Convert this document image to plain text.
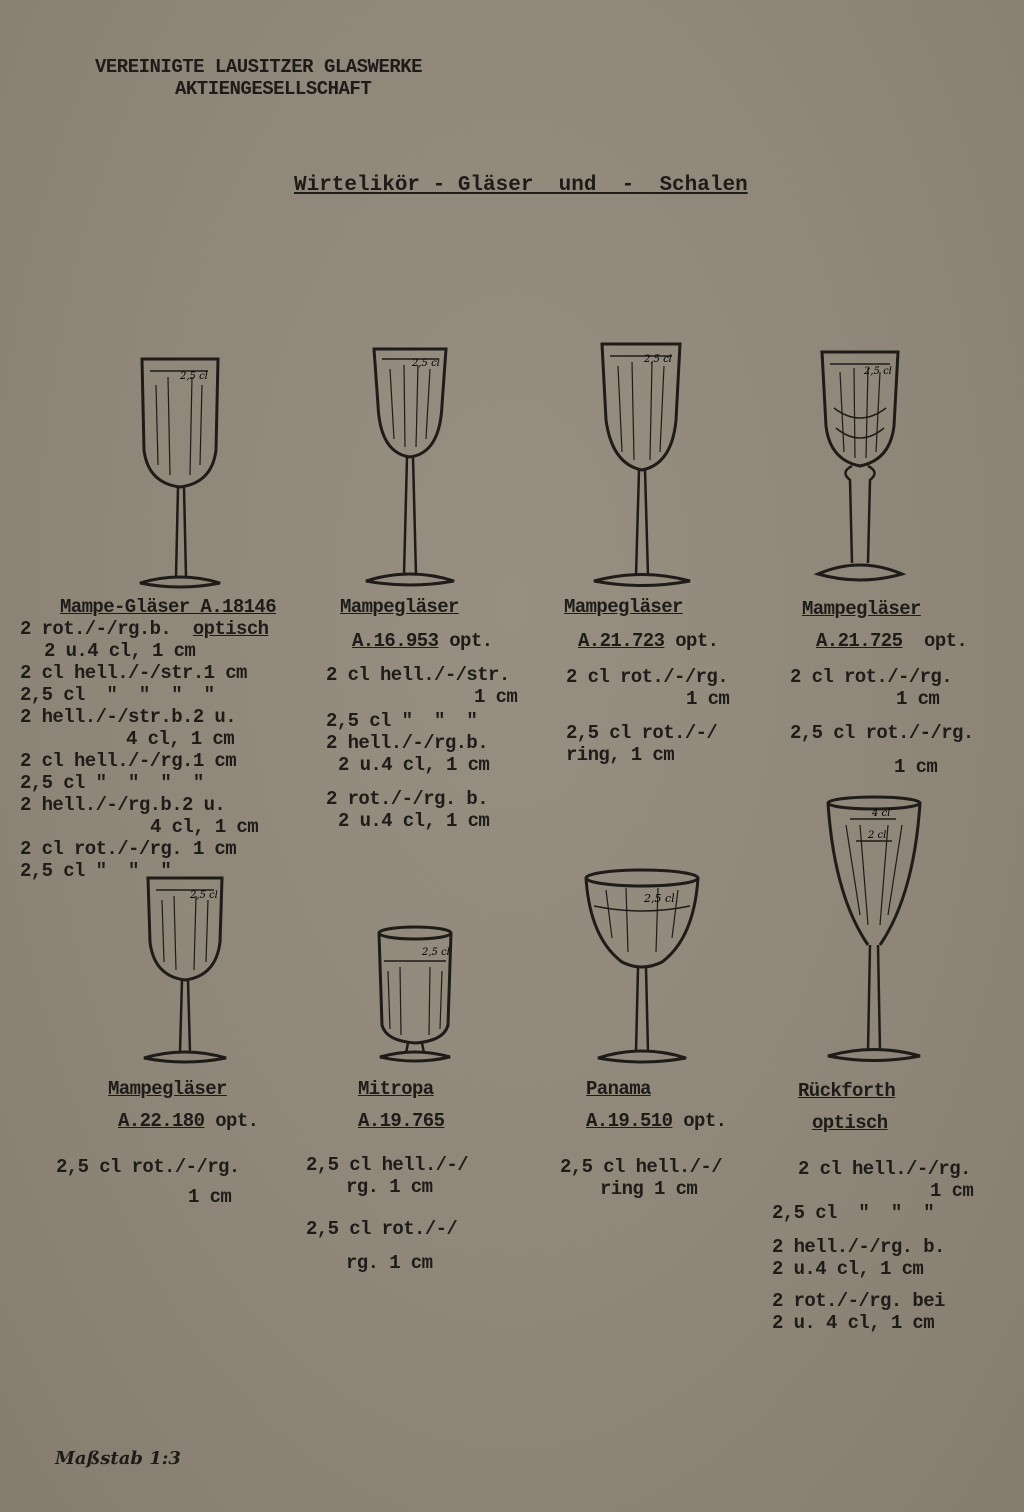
VEREINIGTE LAUSITZER GLASWERKE
AKTIENGESELLSCHAFT
Wirtelikör - Gläser  und  -  Schalen
2,5 cl
Mampe-Gläser A.18146
2 rot./-/rg.b. optisch
2 u.4 cl, 1 cm
2 cl hell./-/str.1 cm
2,5 cl  "  "  "  "
2 hell./-/str.b.2 u.
4 cl, 1 cm
2 cl hell./-/rg.1 cm
2,5 cl "  "  "  "
2 hell./-/rg.b.2 u.
4 cl, 1 cm
2 cl rot./-/rg. 1 cm
2,5 cl "  "  "
2,5 cl
Mampegläser
A.16.953 opt.
2 cl hell./-/str.
1 cm
2,5 cl "  "  "
2 hell./-/rg.b.
2 u.4 cl, 1 cm
2 rot./-/rg. b.
2 u.4 cl, 1 cm
2,5 cl
Mampegläser
A.21.723 opt.
2 cl rot./-/rg.
1 cm
2,5 cl rot./-/
ring, 1 cm
2,5 cl
Mampegläser
A.21.725 opt.
2 cl rot./-/rg.
1 cm
2,5 cl rot./-/rg.
1 cm
2,5 cl
Mampegläser
A.22.180 opt.
2,5 cl rot./-/rg.
1 cm
2,5 cl
Mitropa
A.19.765
2,5 cl hell./-/
rg. 1 cm
2,5 cl rot./-/
rg. 1 cm
2,5 cl
Panama
A.19.510 opt.
2,5 cl hell./-/
ring 1 cm
4 cl
2 cl
Rückforth
optisch
2 cl hell./-/rg.
1 cm
2,5 cl  "  "  "
2 hell./-/rg. b.
2 u.4 cl, 1 cm
2 rot./-/rg. bei
2 u. 4 cl, 1 cm
Maßstab 1:3
